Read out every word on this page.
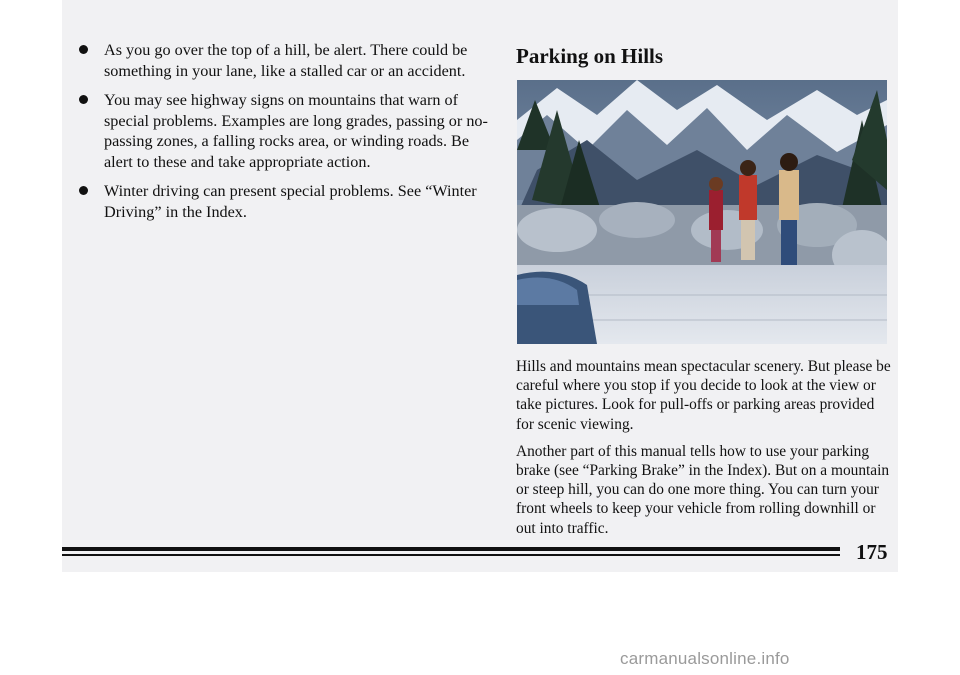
As you go over the top of a hill, be alert. There could be something in your lane, like a stalled car or an accident.
You may see highway signs on mountains that warn of special problems. Examples are long grades, passing or no-passing zones, a falling rocks area, or winding roads. Be alert to these and take appropriate action.
Winter driving can present special problems. See “Winter Driving” in the Index.
Parking on Hills

Hills and mountains mean spectacular scenery. But please be careful where you stop if you decide to look at the view or take pictures. Look for pull-offs or parking areas provided for scenic viewing.

Another part of this manual tells how to use your parking brake (see “Parking Brake” in the Index). But on a mountain or steep hill, you can do one more thing. You can turn your front wheels to keep your vehicle from rolling downhill or out into traffic.

175
carmanualsonline.info
